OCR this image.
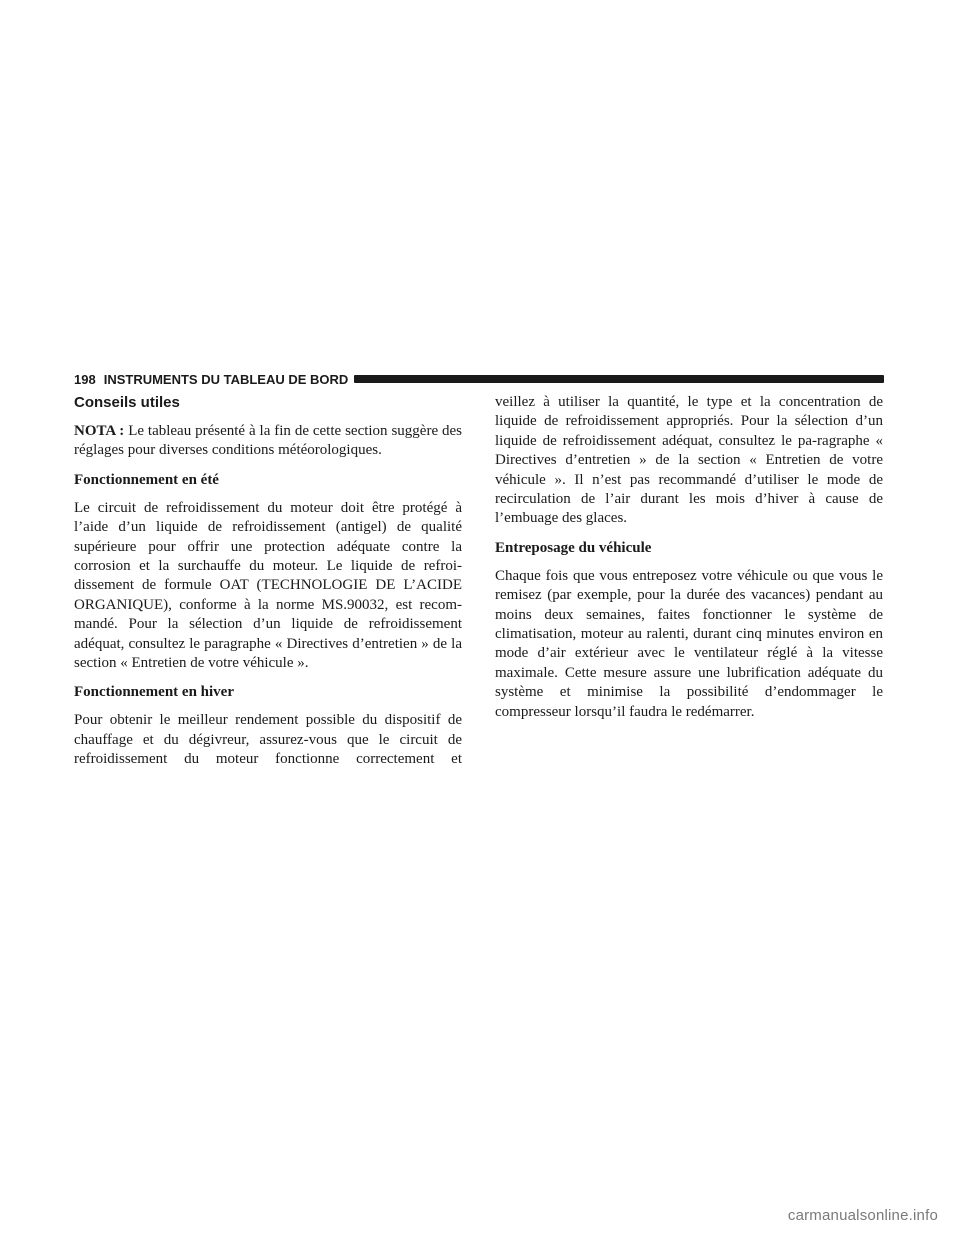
198 INSTRUMENTS DU TABLEAU DE BORD
Conseils utiles

NOTA : Le tableau présenté à la fin de cette section suggère des réglages pour diverses conditions météorologiques.

Fonctionnement en été

Le circuit de refroidissement du moteur doit être protégé à l’aide d’un liquide de refroidissement (antigel) de qualité supérieure pour offrir une protection adéquate contre la corrosion et la surchauffe du moteur. Le liquide de refroi-dissement de formule OAT (TECHNOLOGIE DE L’ACIDE ORGANIQUE), conforme à la norme MS.90032, est recom-mandé. Pour la sélection d’un liquide de refroidissement adéquat, consultez le paragraphe « Directives d’entretien » de la section « Entretien de votre véhicule ».

Fonctionnement en hiver

Pour obtenir le meilleur rendement possible du dispositif de chauffage et du dégivreur, assurez-vous que le circuit de refroidissement du moteur fonctionne correctement et

veillez à utiliser la quantité, le type et la concentration de liquide de refroidissement appropriés. Pour la sélection d’un liquide de refroidissement adéquat, consultez le pa-ragraphe « Directives d’entretien » de la section « Entretien de votre véhicule ». Il n’est pas recommandé d’utiliser le mode de recirculation de l’air durant les mois d’hiver à cause de l’embuage des glaces.

Entreposage du véhicule

Chaque fois que vous entreposez votre véhicule ou que vous le remisez (par exemple, pour la durée des vacances) pendant au moins deux semaines, faites fonctionner le système de climatisation, moteur au ralenti, durant cinq minutes environ en mode d’air extérieur avec le ventilateur réglé à la vitesse maximale. Cette mesure assure une lubrification adéquate du système et minimise la possibilité d’endommager le compresseur lorsqu’il faudra le redémarrer.

carmanualsonline.info
